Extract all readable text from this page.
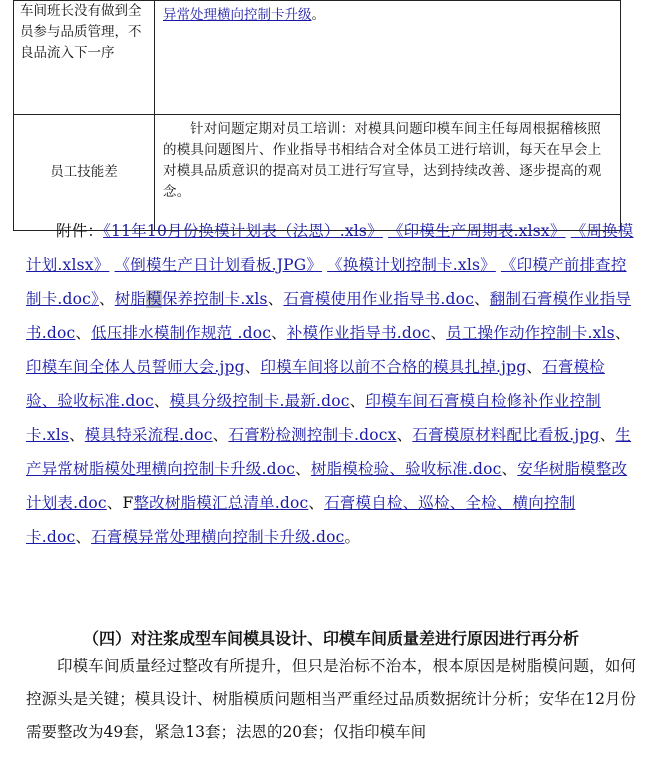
车间班长没有做到全员参与品质管理，不良品流入下一序	异常处理横向控制卡升级。
员工技能差	针对问题定期对员工培训：对模具问题印模车间主任每周根据稽核照的模具问题图片、作业指导书相结合对全体员工进行培训，每天在早会上对模具品质意识的提高对员工进行写宣导，达到持续改善、逐步提高的观念。
附件：《11年10月份换模计划表（法恩）.xls》 《印模生产周期表.xlsx》 《周换模计划.xlsx》 《倒模生产日计划看板.JPG》 《换模计划控制卡.xls》 《印模产前排查控制卡.doc》、树脂模保养控制卡.xls、石膏模使用作业指导书.doc、翻制石膏模作业指导书.doc、低压排水模制作规范 .doc、补模作业指导书.doc、员工操作动作控制卡.xls、印模车间全体人员誓师大会.jpg、印模车间将以前不合格的模具扎掉.jpg、石膏模检验、验收标准.doc、模具分级控制卡.最新.doc、印模车间石膏模自检修补作业控制卡.xls、模具特采流程.doc、石膏粉检测控制卡.docx、石膏模原材料配比看板.jpg、生产异常树脂模处理横向控制卡升级.doc、树脂模检验、验收标准.doc、安华树脂模整改计划表.doc、F整改树脂模汇总清单.doc、石膏模自检、巡检、全检、横向控制卡.doc、石膏模异常处理横向控制卡升级.doc。
（四）对注浆成型车间模具设计、印模车间质量差进行原因进行再分析
印模车间质量经过整改有所提升，但只是治标不治本，根本原因是树脂模问题，如何控源头是关键；模具设计、树脂模质问题相当严重经过品质数据统计分析；安华在12月份需要整改为49套，紧急13套；法恩的20套；仅指印模车间
